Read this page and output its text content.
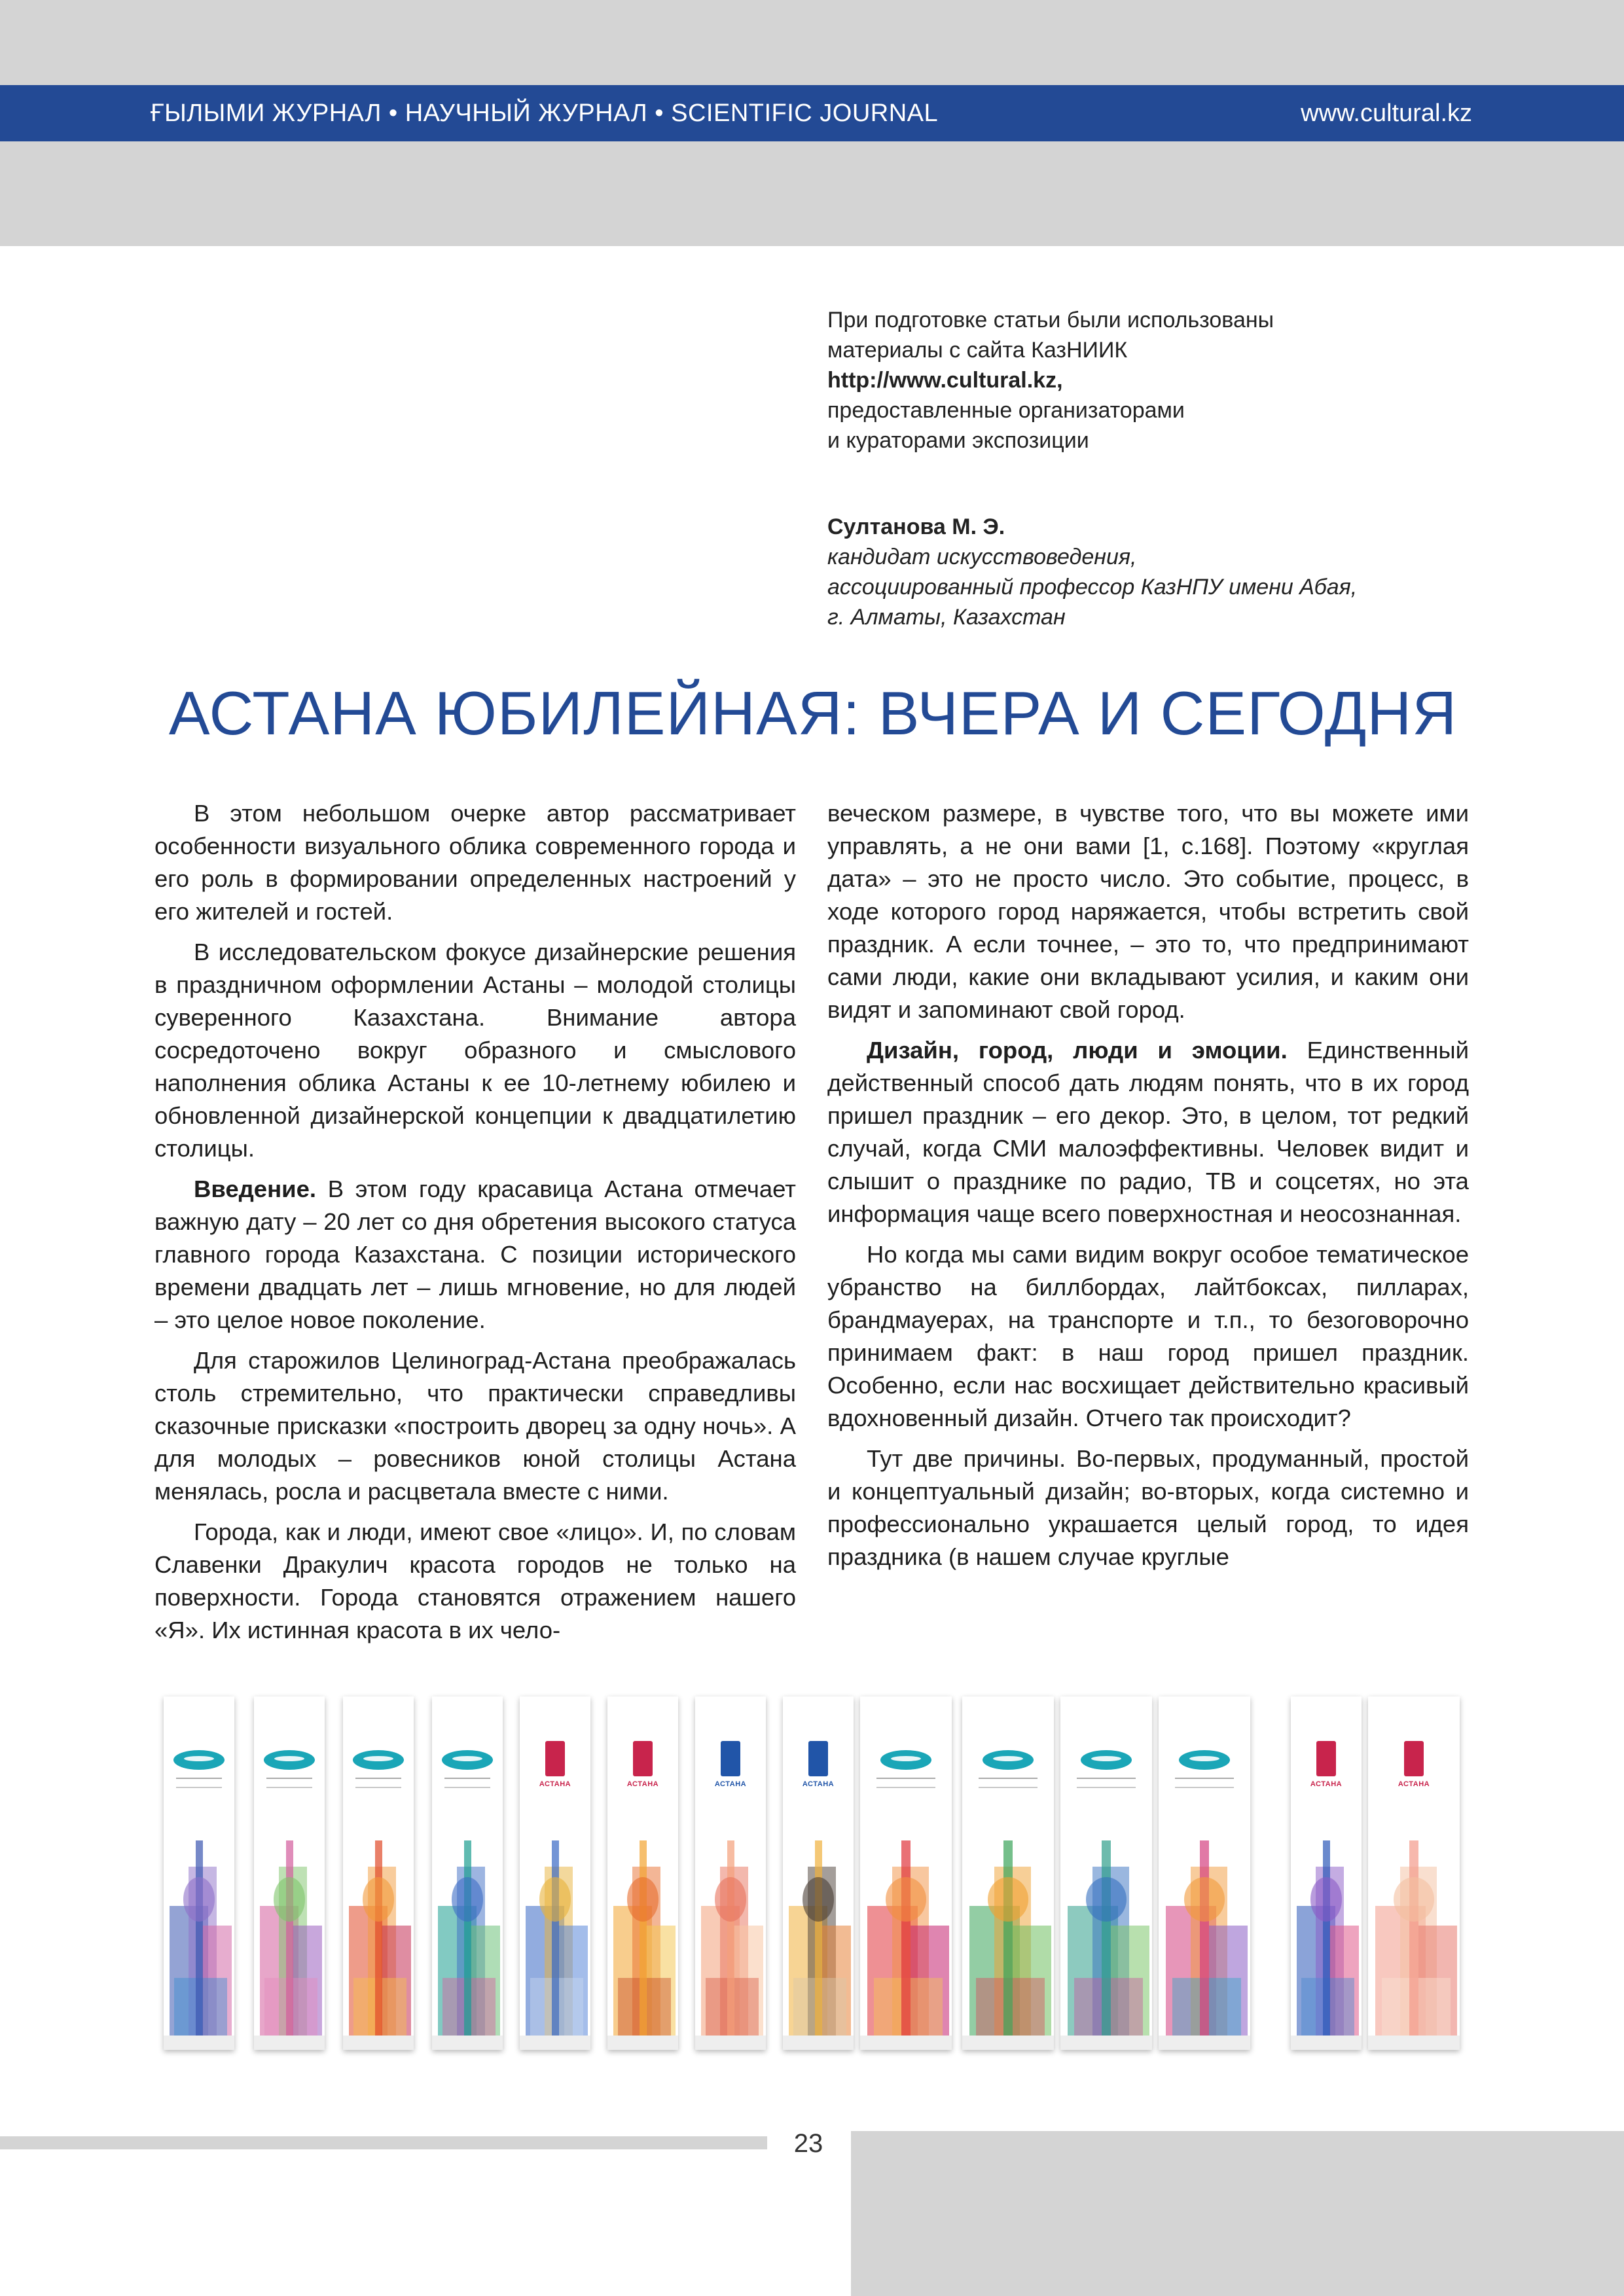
ҒЫЛЫМИ ЖУРНАЛ • НАУЧНЫЙ ЖУРНАЛ • SCIENTIFIC JOURNAL	www.cultural.kz
При подготовке статьи были использованы
материалы с сайта КазНИИК
http://www.cultural.kz,
предоставленные организаторами
и кураторами экспозиции
Султанова М. Э.
кандидат искусствоведения,
ассоциированный профессор КазНПУ имени Абая,
г. Алматы, Казахстан
АСТАНА ЮБИЛЕЙНАЯ: ВЧЕРА И СЕГОДНЯ

В этом небольшом очерке автор рассматривает особенности визуального облика современного города и его роль в формировании определенных настроений у его жителей и гостей.

В исследовательском фокусе дизайнерские решения в праздничном оформлении Астаны – молодой столицы суверенного Казахстана. Внимание автора сосредоточено вокруг образного и смыслового наполнения облика Астаны к ее 10-летнему юбилею и обновленной дизайнерской концепции к двадцатилетию столицы.

Введение. В этом году красавица Астана отмечает важную дату – 20 лет со дня обретения высокого статуса главного города Казахстана. С позиции исторического времени двадцать лет – лишь мгновение, но для людей – это целое новое поколение.

Для старожилов Целиноград-Астана преображалась столь стремительно, что практически справедливы сказочные присказки «построить дворец за одну ночь». А для молодых – ровесников юной столицы Астана менялась, росла и расцветала вместе с ними.

Города, как и люди, имеют свое «лицо». И, по словам Славенки Дракулич красота городов не только на поверхности. Города становятся отражением нашего «Я». Их истинная красота в их чело-

веческом размере, в чувстве того, что вы можете ими управлять, а не они вами [1, с.168]. Поэтому «круглая дата» – это не просто число. Это событие, процесс, в ходе которого город наряжается, чтобы встретить свой праздник. А если точнее, – это то, что предпринимают сами люди, какие они вкладывают усилия, и каким они видят и запоминают свой город.

Дизайн, город, люди и эмоции. Единственный действенный способ дать людям понять, что в их город пришел праздник – его декор. Это, в целом, тот редкий случай, когда СМИ малоэффективны. Человек видит и слышит о празднике по радио, ТВ и соцсетях, но эта информация чаще всего поверхностная и неосознанная.

Но когда мы сами видим вокруг особое тематическое убранство на биллбордах, лайтбоксах, пилларах, брандмауерах, на транспорте и т.п., то безоговорочно принимаем факт: в наш город пришел праздник. Особенно, если нас восхищает действительно красивый вдохновенный дизайн. Отчего так происходит?

Тут две причины. Во-первых, продуманный, простой и концептуальный дизайн; во-вторых, когда системно и профессионально украшается целый город, то идея праздника (в нашем случае круглые

АСТАНА	АСТАНА	АСТАНА	АСТАНА	АСТАНА	АСТАНА
23
